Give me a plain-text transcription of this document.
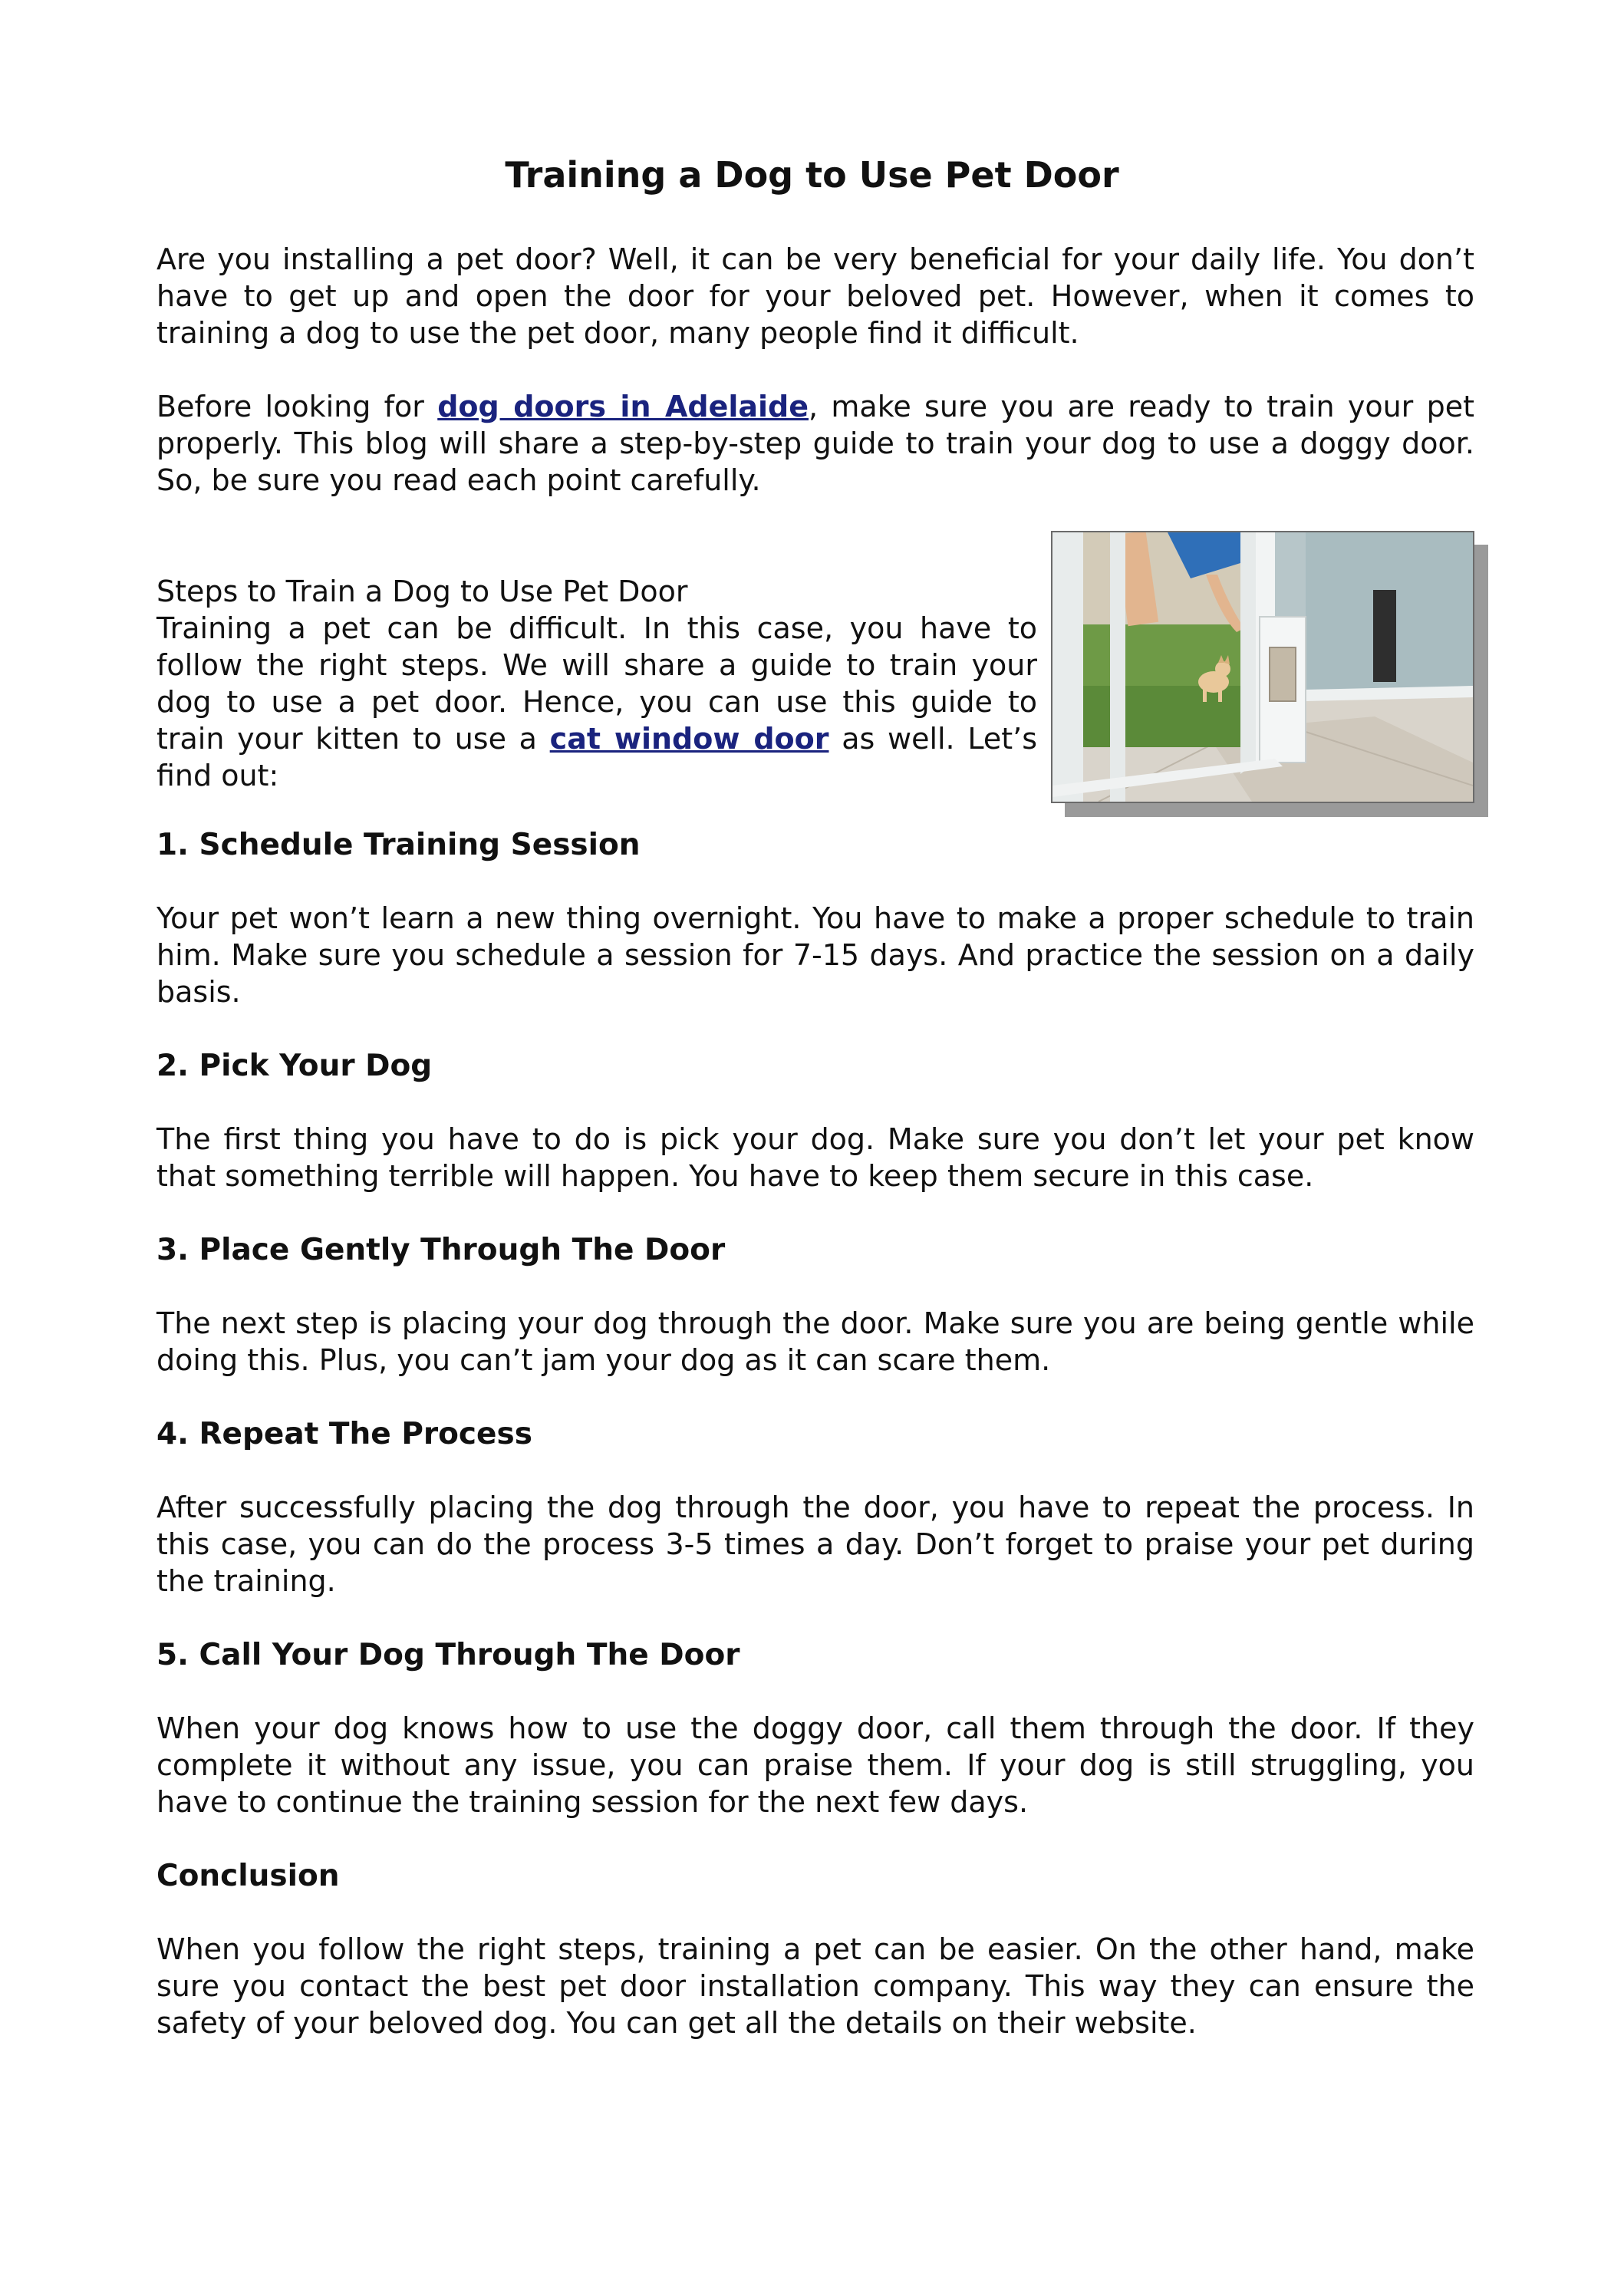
Training a Dog to Use Pet Door

Are you installing a pet door? Well, it can be very beneficial for your daily life. You don’t have to get up and open the door for your beloved pet. However, when it comes to training a dog to use the pet door, many people find it difficult.

Before looking for dog doors in Adelaide, make sure you are ready to train your pet properly. This blog will share a step-by-step guide to train your dog to use a doggy door. So, be sure you read each point carefully.

Steps to Train a Dog to Use Pet Door

Training a pet can be difficult. In this case, you have to follow the right steps. We will share a guide to train your dog to use a pet door. Hence, you can use this guide to train your kitten to use a cat window door as well. Let’s find out:

1. Schedule Training Session

Your pet won’t learn a new thing overnight. You have to make a proper schedule to train him. Make sure you schedule a session for 7-15 days. And practice the session on a daily basis.

2. Pick Your Dog

The first thing you have to do is pick your dog. Make sure you don’t let your pet know that something terrible will happen. You have to keep them secure in this case.

3. Place Gently Through The Door

The next step is placing your dog through the door. Make sure you are being gentle while doing this. Plus, you can’t jam your dog as it can scare them.

4. Repeat The Process

After successfully placing the dog through the door, you have to repeat the process. In this case, you can do the process 3-5 times a day. Don’t forget to praise your pet during the training.

5. Call Your Dog Through The Door

When your dog knows how to use the doggy door, call them through the door. If they complete it without any issue, you can praise them. If your dog is still struggling, you have to continue the training session for the next few days.

Conclusion

When you follow the right steps, training a pet can be easier. On the other hand, make sure you contact the best pet door installation company. This way they can ensure the safety of your beloved dog. You can get all the details on their website.
